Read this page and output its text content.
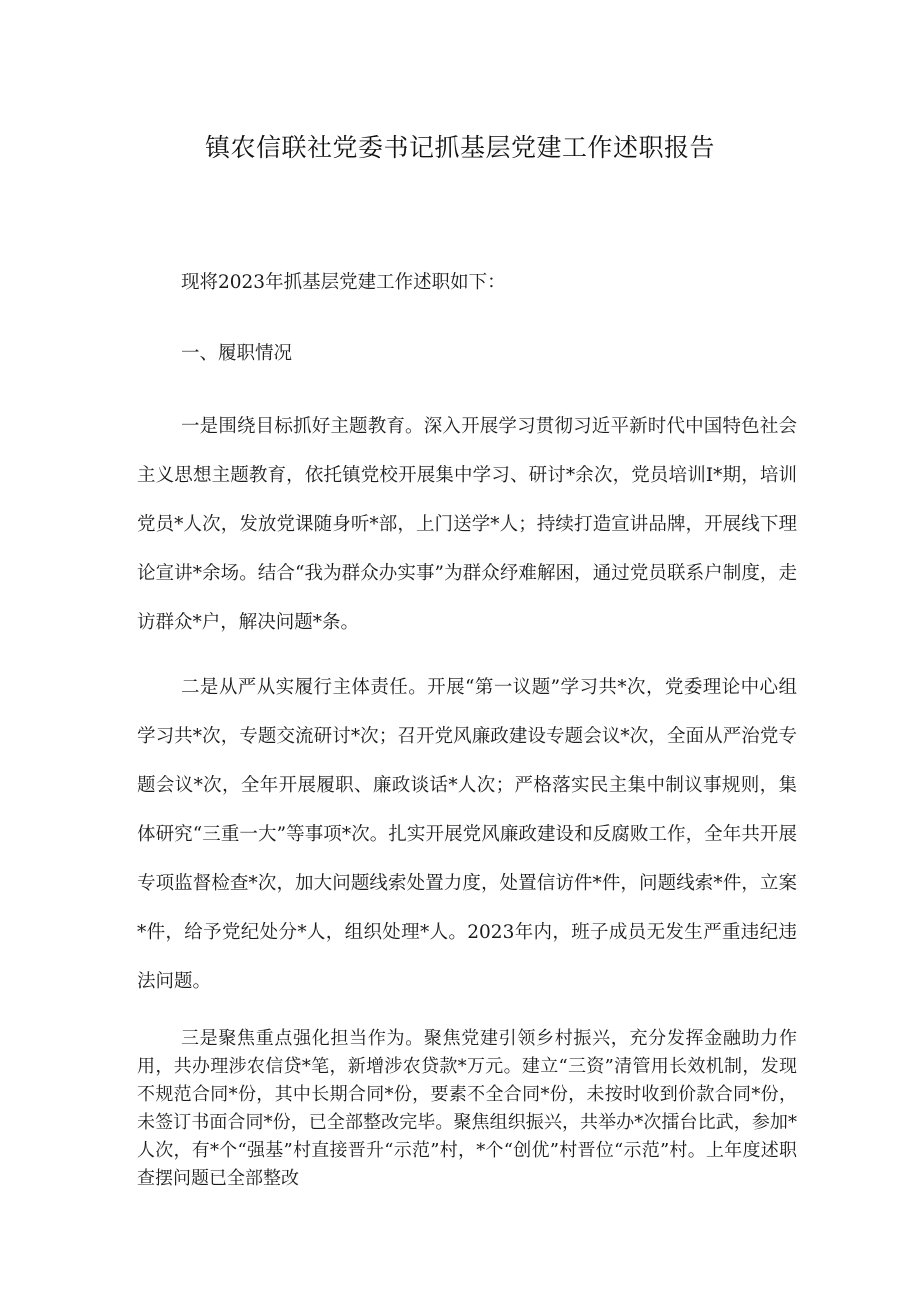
镇农信联社党委书记抓基层党建工作述职报告

现将2023年抓基层党建工作述职如下：

一、履职情况

一是围绕目标抓好主题教育。深入开展学习贯彻习近平新时代中国特色社会主义思想主题教育，依托镇党校开展集中学习、研讨*余次，党员培训I*期，培训党员*人次，发放党课随身听*部，上门送学*人；持续打造宣讲品牌，开展线下理论宣讲*余场。结合“我为群众办实事”为群众纾难解困，通过党员联系户制度，走访群众*户，解决问题*条。

二是从严从实履行主体责任。开展“第一议题”学习共*次，党委理论中心组学习共*次，专题交流研讨*次；召开党风廉政建设专题会议*次，全面从严治党专题会议*次，全年开展履职、廉政谈话*人次；严格落实民主集中制议事规则，集体研究“三重一大”等事项*次。扎实开展党风廉政建设和反腐败工作，全年共开展专项监督检查*次，加大问题线索处置力度，处置信访件*件，问题线索*件，立案*件，给予党纪处分*人，组织处理*人。2023年内，班子成员无发生严重违纪违法问题。

三是聚焦重点强化担当作为。聚焦党建引领乡村振兴，充分发挥金融助力作用，共办理涉农信贷*笔，新增涉农贷款*万元。建立“三资”清管用长效机制，发现不规范合同*份，其中长期合同*份，要素不全合同*份，未按时收到价款合同*份，未签订书面合同*份，已全部整改完毕。聚焦组织振兴，共举办*次擂台比武，参加*人次，有*个“强基”村直接晋升“示范”村，*个“创优”村晋位“示范”村。上年度述职查摆问题已全部整改
